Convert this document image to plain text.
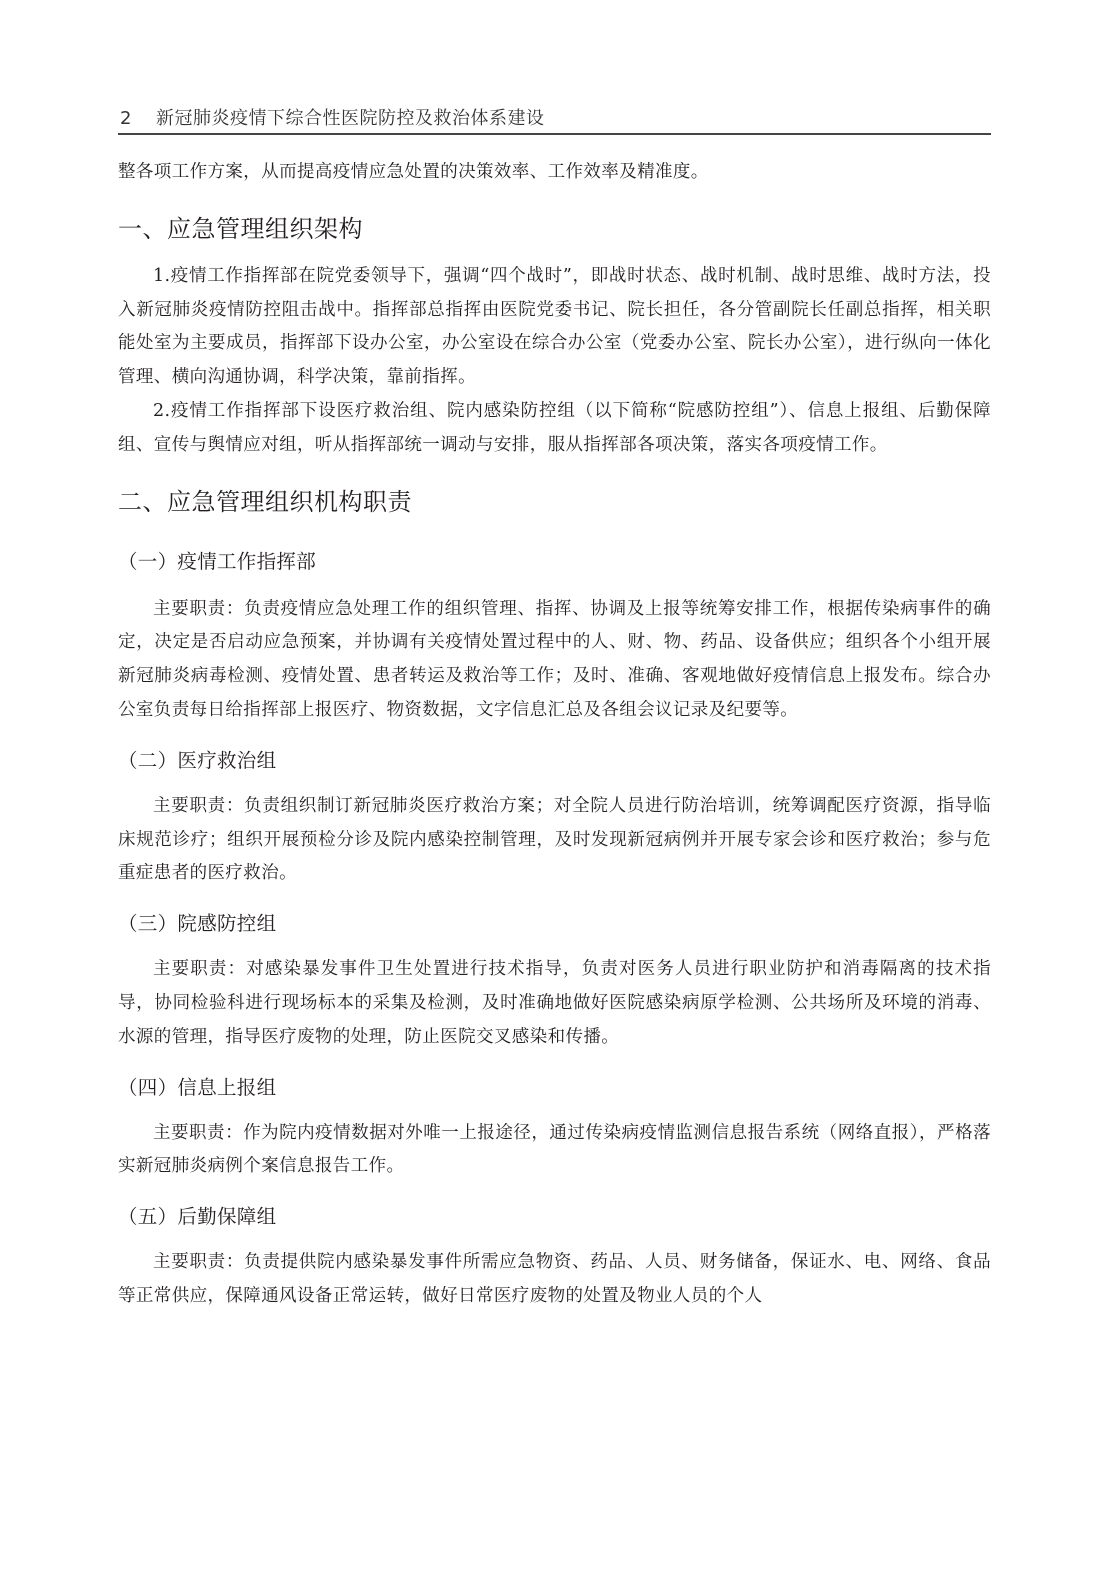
2 新冠肺炎疫情下综合性医院防控及救治体系建设

整各项工作方案，从而提高疫情应急处置的决策效率、工作效率及精准度。

一、应急管理组织架构

1.疫情工作指挥部在院党委领导下，强调“四个战时”，即战时状态、战时机制、战时思维、战时方法，投入新冠肺炎疫情防控阻击战中。指挥部总指挥由医院党委书记、院长担任，各分管副院长任副总指挥，相关职能处室为主要成员，指挥部下设办公室，办公室设在综合办公室（党委办公室、院长办公室），进行纵向一体化管理、横向沟通协调，科学决策，靠前指挥。

2.疫情工作指挥部下设医疗救治组、院内感染防控组（以下简称“院感防控组”）、信息上报组、后勤保障组、宣传与舆情应对组，听从指挥部统一调动与安排，服从指挥部各项决策，落实各项疫情工作。

二、应急管理组织机构职责
（一）疫情工作指挥部

主要职责：负责疫情应急处理工作的组织管理、指挥、协调及上报等统筹安排工作，根据传染病事件的确定，决定是否启动应急预案，并协调有关疫情处置过程中的人、财、物、药品、设备供应；组织各个小组开展新冠肺炎病毒检测、疫情处置、患者转运及救治等工作；及时、准确、客观地做好疫情信息上报发布。综合办公室负责每日给指挥部上报医疗、物资数据，文字信息汇总及各组会议记录及纪要等。

（二）医疗救治组

主要职责：负责组织制订新冠肺炎医疗救治方案；对全院人员进行防治培训，统筹调配医疗资源，指导临床规范诊疗；组织开展预检分诊及院内感染控制管理，及时发现新冠病例并开展专家会诊和医疗救治；参与危重症患者的医疗救治。

（三）院感防控组

主要职责：对感染暴发事件卫生处置进行技术指导，负责对医务人员进行职业防护和消毒隔离的技术指导，协同检验科进行现场标本的采集及检测，及时准确地做好医院感染病原学检测、公共场所及环境的消毒、水源的管理，指导医疗废物的处理，防止医院交叉感染和传播。

（四）信息上报组

主要职责：作为院内疫情数据对外唯一上报途径，通过传染病疫情监测信息报告系统（网络直报），严格落实新冠肺炎病例个案信息报告工作。

（五）后勤保障组

主要职责：负责提供院内感染暴发事件所需应急物资、药品、人员、财务储备，保证水、电、网络、食品等正常供应，保障通风设备正常运转，做好日常医疗废物的处置及物业人员的个人
